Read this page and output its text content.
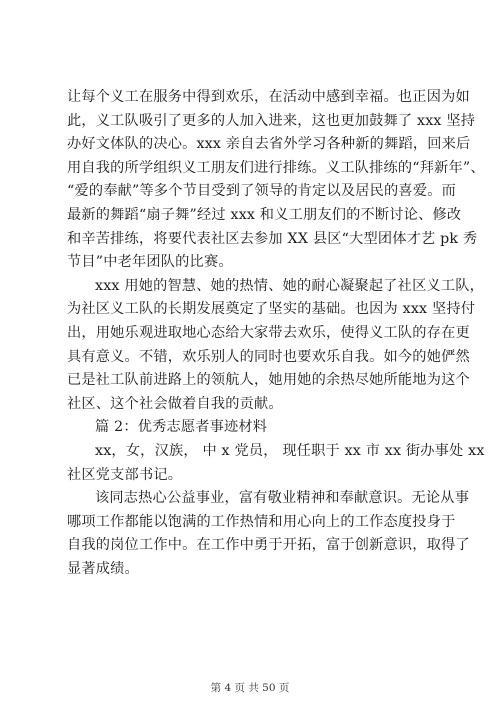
让每个义工在服务中得到欢乐，在活动中感到幸福。也正因为如
此，义工队吸引了更多的人加入进来，这也更加鼓舞了 xxx 坚持
办好文体队的决心。xxx 亲自去省外学习各种新的舞蹈，回来后
用自我的所学组织义工朋友们进行排练。义工队排练的“拜新年”、
“爱的奉献”等多个节目受到了领导的肯定以及居民的喜爱。而
最新的舞蹈“扇子舞”经过 xxx 和义工朋友们的不断讨论、修改
和辛苦排练，将要代表社区去参加 XX 县区“大型团体才艺 pk 秀
节目”中老年团队的比赛。
xxx 用她的智慧、她的热情、她的耐心凝聚起了社区义工队，
为社区义工队的长期发展奠定了坚实的基础。也因为 xxx 坚持付
出，用她乐观进取地心态给大家带去欢乐，使得义工队的存在更
具有意义。不错，欢乐别人的同时也要欢乐自我。如今的她俨然
已是社工队前进路上的领航人，她用她的余热尽她所能地为这个
社区、这个社会做着自我的贡献。
篇 2：优秀志愿者事迹材料
xx，女，汉族， 中 x 党员， 现任职于 xx 市 xx 街办事处 xx
社区党支部书记。
该同志热心公益事业，富有敬业精神和奉献意识。无论从事
哪项工作都能以饱满的工作热情和用心向上的工作态度投身于
自我的岗位工作中。在工作中勇于开拓，富于创新意识，取得了
显著成绩。
第 4 页 共 50 页
